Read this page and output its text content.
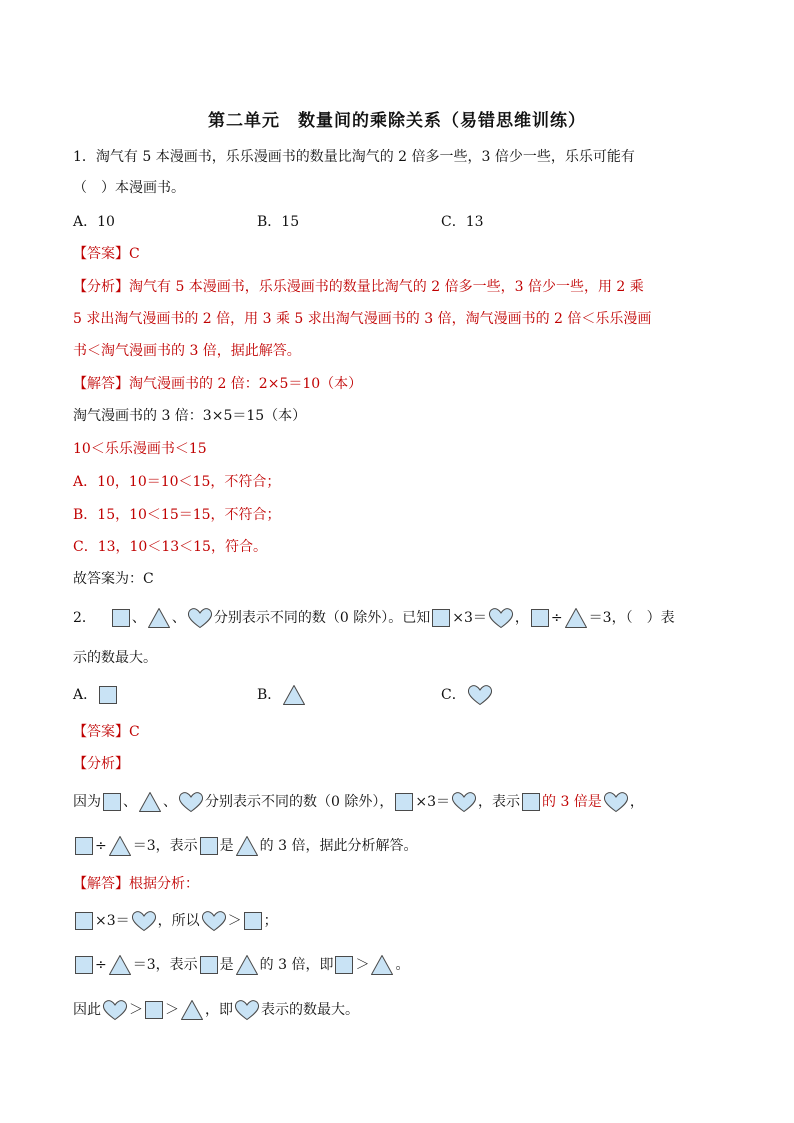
第二单元　数量间的乘除关系（易错思维训练）
1．淘气有 5 本漫画书，乐乐漫画书的数量比淘气的 2 倍多一些，3 倍少一些，乐乐可能有
（　）本漫画书。
A．10	B．15	C．13
【答案】C
【分析】淘气有 5 本漫画书，乐乐漫画书的数量比淘气的 2 倍多一些，3 倍少一些，用 2 乘
5 求出淘气漫画书的 2 倍，用 3 乘 5 求出淘气漫画书的 3 倍，淘气漫画书的 2 倍＜乐乐漫画
书＜淘气漫画书的 3 倍，据此解答。
【解答】淘气漫画书的 2 倍：2×5＝10（本）
淘气漫画书的 3 倍：3×5＝15（本）
10＜乐乐漫画书＜15
A．10，10＝10＜15，不符合；
B．15，10＜15＝15，不符合；
C．13，10＜13＜15，符合。
故答案为：C
2． 	、 、 分别表示不同的数（0 除外）。已知 ×3＝ ， ÷ ＝3，（　）表
示的数最大。
A．	B．	C．
【答案】C
【分析】
因为 、 、 分别表示不同的数（0 除外）， ×3＝ ，表示 的 3 倍是 ，
÷ ＝3，表示 是 的 3 倍，据此分析解答。
【解答】根据分析：
×3＝ ，所以 ＞ ；
÷ ＝3，表示 是 的 3 倍，即 ＞ 。
因此 ＞ ＞ ，即 表示的数最大。
